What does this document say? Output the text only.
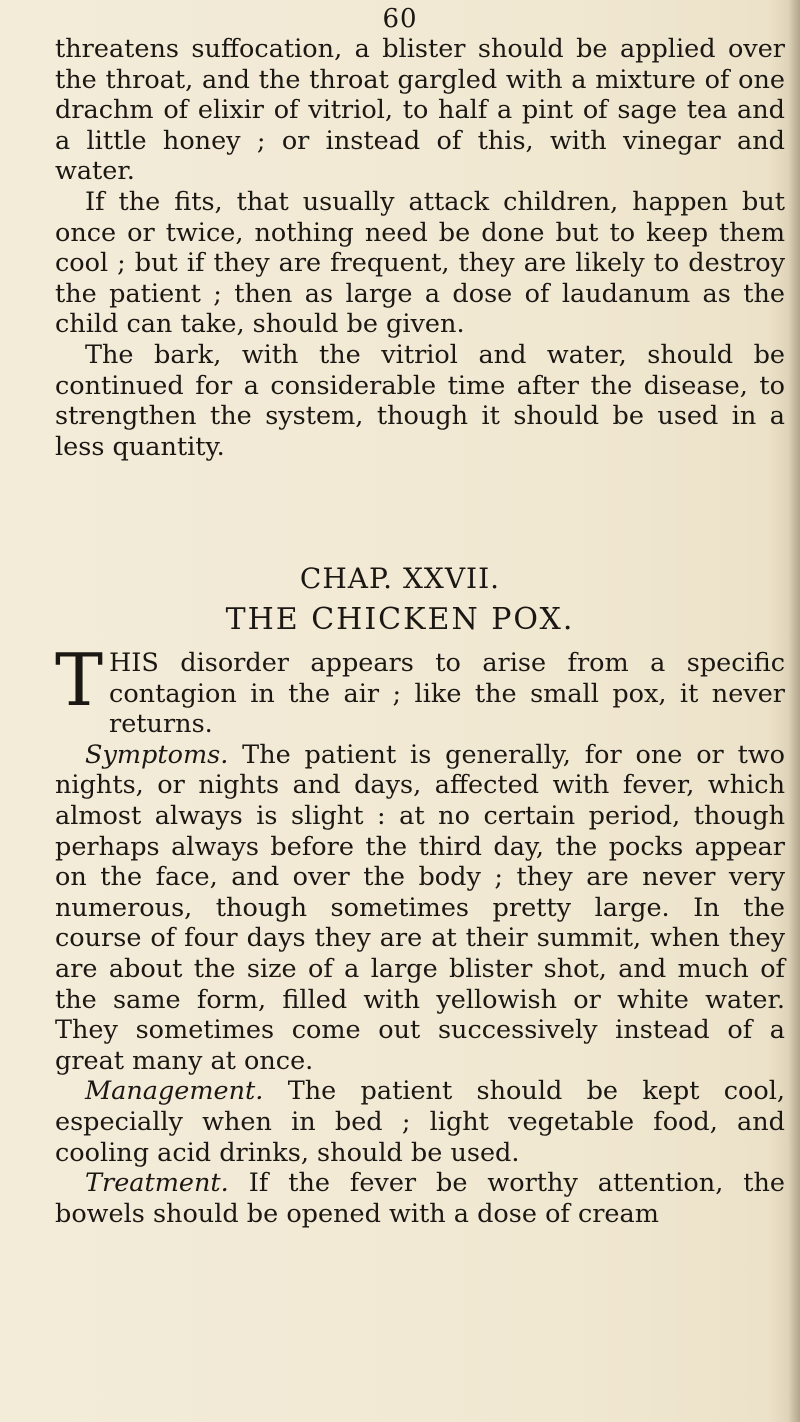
60

threatens suffocation, a blister should be applied over the throat, and the throat gargled with a mixture of one drachm of elixir of vitriol, to half a pint of sage tea and a little honey ; or instead of this, with vinegar and water.

If the fits, that usually attack children, happen but once or twice, nothing need be done but to keep them cool ; but if they are frequent, they are likely to destroy the patient ; then as large a dose of laudanum as the child can take, should be given.

The bark, with the vitriol and water, should be continued for a considerable time after the disease, to strengthen the system, though it should be used in a less quantity.

CHAP. XXVII.
THE CHICKEN POX.

THIS disorder appears to arise from a specific contagion in the air ; like the small pox, it never returns.

Symptoms. The patient is generally, for one or two nights, or nights and days, affected with fever, which almost always is slight : at no certain period, though perhaps always before the third day, the pocks appear on the face, and over the body ; they are never very numerous, though sometimes pretty large. In the course of four days they are at their summit, when they are about the size of a large blister shot, and much of the same form, filled with yellowish or white water. They sometimes come out successively instead of a great many at once.

Management. The patient should be kept cool, especially when in bed ; light vegetable food, and cooling acid drinks, should be used.

Treatment. If the fever be worthy attention, the bowels should be opened with a dose of cream
